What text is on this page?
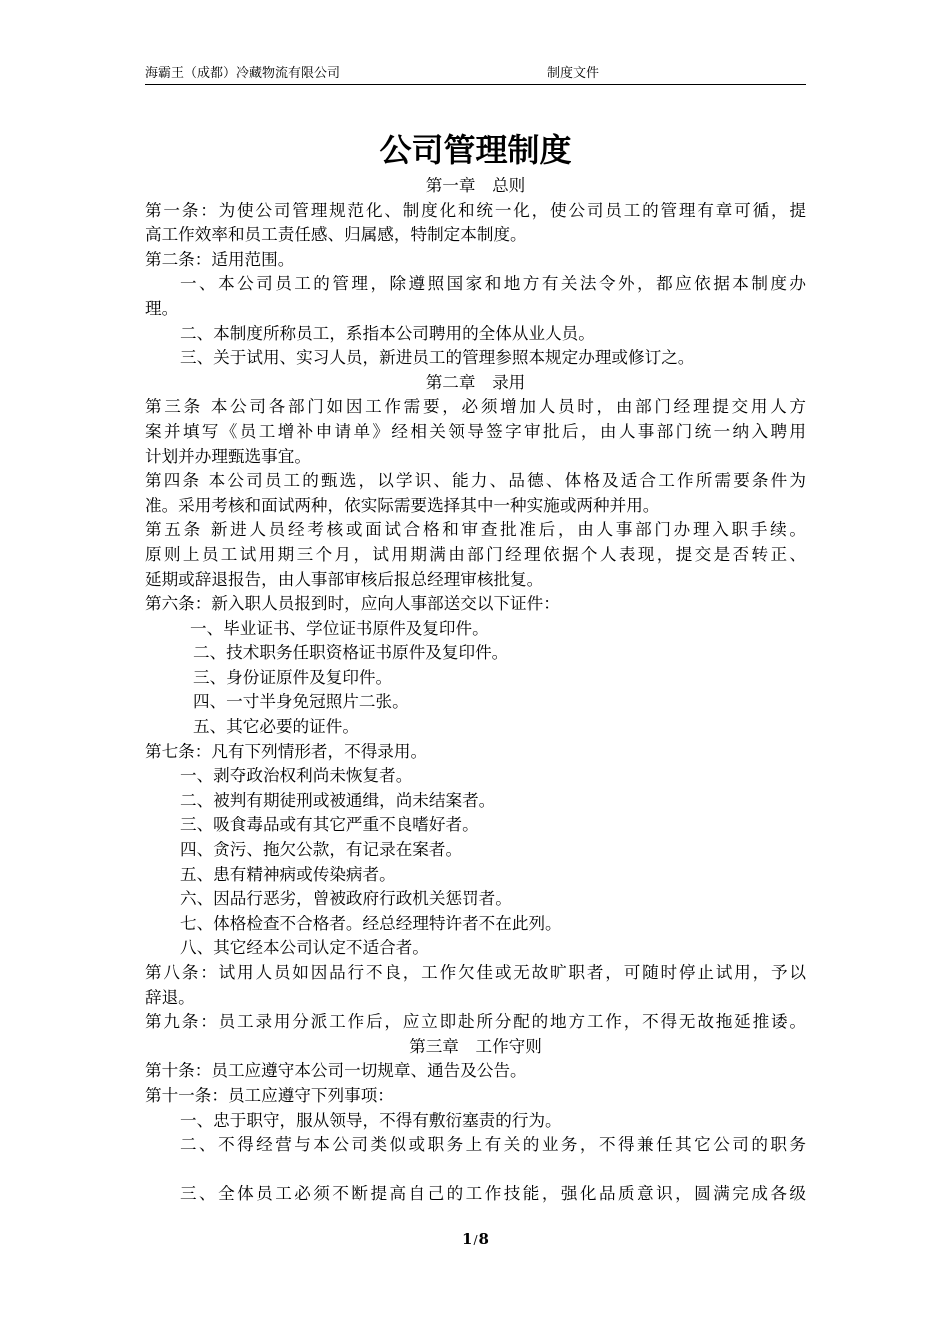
海霸王（成都）冷藏物流有限公司	制度文件
公司管理制度
第一章　总则
第一条：为使公司管理规范化、制度化和统一化，使公司员工的管理有章可循，提
高工作效率和员工责任感、归属感，特制定本制度。
第二条：适用范围。
一、本公司员工的管理，除遵照国家和地方有关法令外，都应依据本制度办
理。
二、本制度所称员工，系指本公司聘用的全体从业人员。
三、关于试用、实习人员，新进员工的管理参照本规定办理或修订之。
第二章　录用
第三条 本公司各部门如因工作需要，必须增加人员时，由部门经理提交用人方
案并填写《员工增补申请单》经相关领导签字审批后，由人事部门统一纳入聘用
计划并办理甄选事宜。
第四条 本公司员工的甄选，以学识、能力、品德、体格及适合工作所需要条件为
准。采用考核和面试两种，依实际需要选择其中一种实施或两种并用。
第五条 新进人员经考核或面试合格和审查批准后，由人事部门办理入职手续。
原则上员工试用期三个月，试用期满由部门经理依据个人表现，提交是否转正、
延期或辞退报告，由人事部审核后报总经理审核批复。
第六条：新入职人员报到时，应向人事部送交以下证件：
一、毕业证书、学位证书原件及复印件。
二、技术职务任职资格证书原件及复印件。
三、身份证原件及复印件。
四、一寸半身免冠照片二张。
五、其它必要的证件。
第七条：凡有下列情形者，不得录用。
一、剥夺政治权利尚未恢复者。
二、被判有期徒刑或被通缉，尚未结案者。
三、吸食毒品或有其它严重不良嗜好者。
四、贪污、拖欠公款，有记录在案者。
五、患有精神病或传染病者。
六、因品行恶劣，曾被政府行政机关惩罚者。
七、体格检查不合格者。经总经理特许者不在此列。
八、其它经本公司认定不适合者。
第八条：试用人员如因品行不良，工作欠佳或无故旷职者，可随时停止试用，予以
辞退。
第九条：员工录用分派工作后，应立即赴所分配的地方工作，不得无故拖延推诿。
第三章　工作守则
第十条：员工应遵守本公司一切规章、通告及公告。
第十一条：员工应遵守下列事项：
一、忠于职守，服从领导，不得有敷衍塞责的行为。
二、不得经营与本公司类似或职务上有关的业务，不得兼任其它公司的职务
三、全体员工必须不断提高自己的工作技能，强化品质意识，圆满完成各级
1/8
